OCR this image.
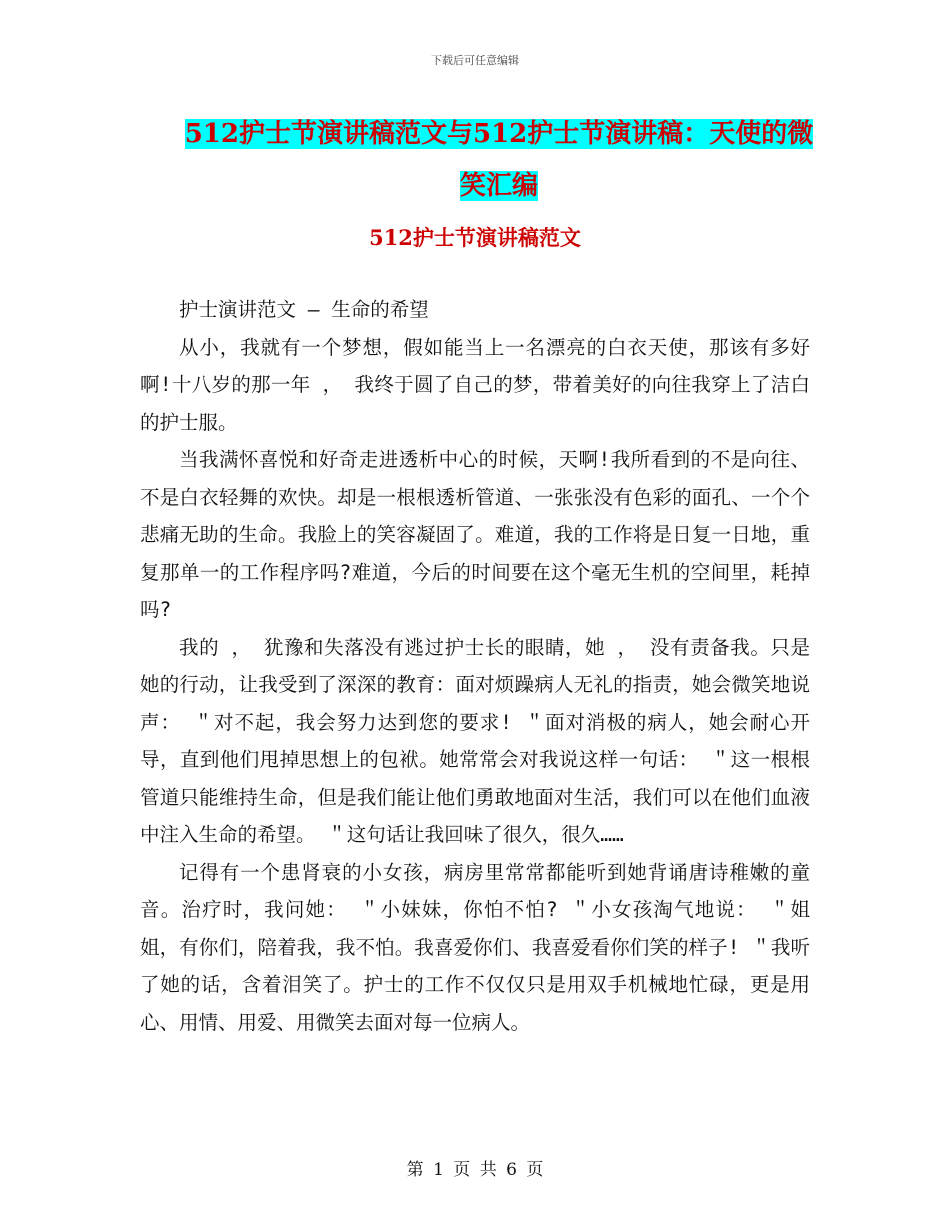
下载后可任意编辑
512护士节演讲稿范文与512护士节演讲稿：天使的微笑汇编
512护士节演讲稿范文

护士演讲范文 – 生命的希望

从小，我就有一个梦想，假如能当上一名漂亮的白衣天使，那该有多好啊!十八岁的那一年 ， 我终于圆了自己的梦，带着美好的向往我穿上了洁白的护士服。

当我满怀喜悦和好奇走进透析中心的时候，天啊!我所看到的不是向往、不是白衣轻舞的欢快。却是一根根透析管道、一张张没有色彩的面孔、一个个悲痛无助的生命。我脸上的笑容凝固了。难道，我的工作将是日复一日地，重复那单一的工作程序吗?难道，今后的时间要在这个毫无生机的空间里，耗掉吗?

我的 ， 犹豫和失落没有逃过护士长的眼睛，她 ， 没有责备我。只是她的行动，让我受到了深深的教育：面对烦躁病人无礼的指责，她会微笑地说声： ＂对不起，我会努力达到您的要求! ＂面对消极的病人，她会耐心开导，直到他们甩掉思想上的包袱。她常常会对我说这样一句话： ＂这一根根管道只能维持生命，但是我们能让他们勇敢地面对生活，我们可以在他们血液中注入生命的希望。 ＂这句话让我回味了很久，很久……

记得有一个患肾衰的小女孩，病房里常常都能听到她背诵唐诗稚嫩的童音。治疗时，我问她： ＂小妹妹，你怕不怕? ＂小女孩淘气地说： ＂姐姐，有你们，陪着我，我不怕。我喜爱你们、我喜爱看你们笑的样子! ＂我听了她的话，含着泪笑了。护士的工作不仅仅只是用双手机械地忙碌，更是用心、用情、用爱、用微笑去面对每一位病人。

第 1 页 共 6 页
